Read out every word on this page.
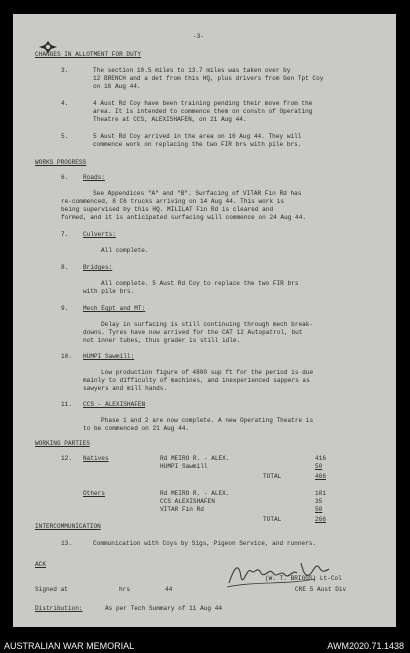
-3-
CHANGES IN ALLOTMENT FOR DUTY
3.	The section 10.5 miles to 13.7 miles was taken over by
12 BRENCH and a det from this HQ, plus drivers from Gen Tpt Coy
on 16 Aug 44.
4.	4 Aust Rd Coy have been training pending their move from the
area. It is intended to commence them on constn of Operating
Theatre at CCS, ALEXISHAFEN, on 21 Aug 44.
5.	5 Aust Rd Coy arrived in the area on 16 Aug 44. They will
commence work on replacing the two FIR brs with pile brs.
WORKS PROGRESS
6. Roads:
See Appendices "A" and "B". Surfacing of VITAR Fin Rd has
re-commenced, 8 C6 trucks arriving on 14 Aug 44. This work is
being supervised by this HQ. MILILAT Fin Rd is cleared and
formed, and it is anticipated surfacing will commence on 24 Aug 44.
7. Culverts:
All complete.
8. Bridges:
All complete. 5 Aust Rd Coy to replace the two FIR brs
with pile brs.
9. Mech Eqpt and MT:
Delay in surfacing is still continuing through mech break-
downs. Tyres have now arrived for the CAT 12 Autopatrol, but
not inner tubes, thus grader is still idle.
10. HUMPI Sawmill:
Low production figure of 4800 sup ft for the period is due
mainly to difficulty of machines, and inexperienced sappers as
sawyers and mill hands.
11. CCS - ALEXISHAFEN
Phase 1 and 2 are now complete. A new Operating Theatre is
to be commenced on 21 Aug 44.
WORKING PARTIES
12. Natives	Rd MEIRO R. - ALEX.	416
HUMPI Sawmill	50
TOTAL	466
Others	Rd MEIRO R. - ALEX.	181
CCS ALEXISHAFEN	35
VITAR Fin Rd	50
TOTAL	266
INTERCOMMUNICATION
13.	Communication with Coys by Sigs, Pigeon Service, and runners.
ACK
(W. T. BRIGGS) Lt-Col
Signed at	hrs	44	CRE 5 Aust Div
Distribution:	As per Tech Summary of 11 Aug 44
AUSTRALIAN WAR MEMORIAL	AWM2020.71.1438
